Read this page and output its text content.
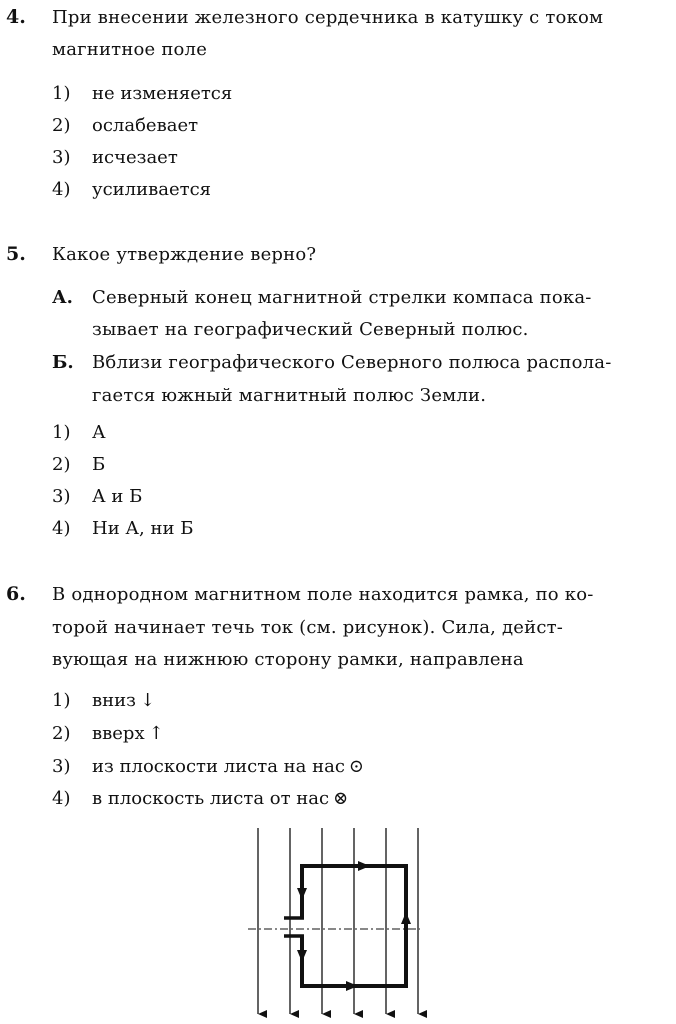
4. При внесении железного сердечника в катушку с током
магнитное поле
1) не изменяется
2) ослабевает
3) исчезает
4) усиливается
5. Какое утверждение верно?
А. Северный конец магнитной стрелки компаса пока-
зывает на географический Северный полюс.
Б. Вблизи географического Северного полюса распола-
гается южный магнитный полюс Земли.
1) А
2) Б
3) А и Б
4) Ни А, ни Б
6. В однородном магнитном поле находится рамка, по ко-
торой начинает течь ток (см. рисунок). Сила, дейст-
вующая на нижнюю сторону рамки, направлена
1) вниз ↓
2) вверх ↑
3) из плоскости листа на нас ⊙
4) в плоскость листа от нас ⊗
